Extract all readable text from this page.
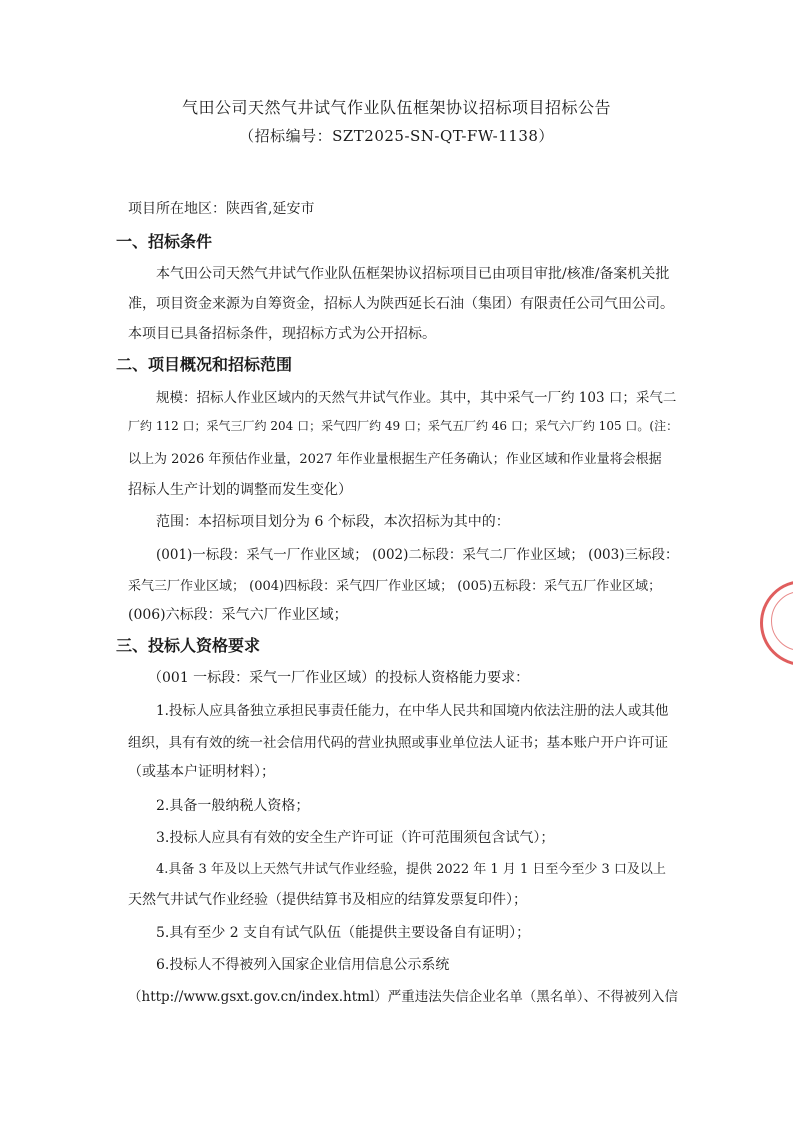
气田公司天然气井试气作业队伍框架协议招标项目招标公告
（招标编号：SZT2025-SN-QT-FW-1138）
项目所在地区：陕西省,延安市
一、招标条件
本气田公司天然气井试气作业队伍框架协议招标项目已由项目审批/核准/备案机关批
准，项目资金来源为自筹资金，招标人为陕西延长石油（集团）有限责任公司气田公司。
本项目已具备招标条件，现招标方式为公开招标。
二、项目概况和招标范围
规模：招标人作业区域内的天然气井试气作业。其中，其中采气一厂约 103 口；采气二
厂约 112 口；采气三厂约 204 口；采气四厂约 49 口；采气五厂约 46 口；采气六厂约 105 口。(注：
以上为 2026 年预估作业量，2027 年作业量根据生产任务确认；作业区域和作业量将会根据
招标人生产计划的调整而发生变化）
范围：本招标项目划分为 6 个标段，本次招标为其中的：
(001)一标段：采气一厂作业区域； (002)二标段：采气二厂作业区域； (003)三标段：
采气三厂作业区域； (004)四标段：采气四厂作业区域； (005)五标段：采气五厂作业区域；
(006)六标段：采气六厂作业区域；
三、投标人资格要求
（001 一标段：采气一厂作业区域）的投标人资格能力要求：
1.投标人应具备独立承担民事责任能力，在中华人民共和国境内依法注册的法人或其他
组织，具有有效的统一社会信用代码的营业执照或事业单位法人证书；基本账户开户许可证
（或基本户证明材料）；
2.具备一般纳税人资格；
3.投标人应具有有效的安全生产许可证（许可范围须包含试气）；
4.具备 3 年及以上天然气井试气作业经验，提供 2022 年 1 月 1 日至今至少 3 口及以上
天然气井试气作业经验（提供结算书及相应的结算发票复印件）；
5.具有至少 2 支自有试气队伍（能提供主要设备自有证明）；
6.投标人不得被列入国家企业信用信息公示系统
（http://www.gsxt.gov.cn/index.html）严重违法失信企业名单（黑名单）、不得被列入信
